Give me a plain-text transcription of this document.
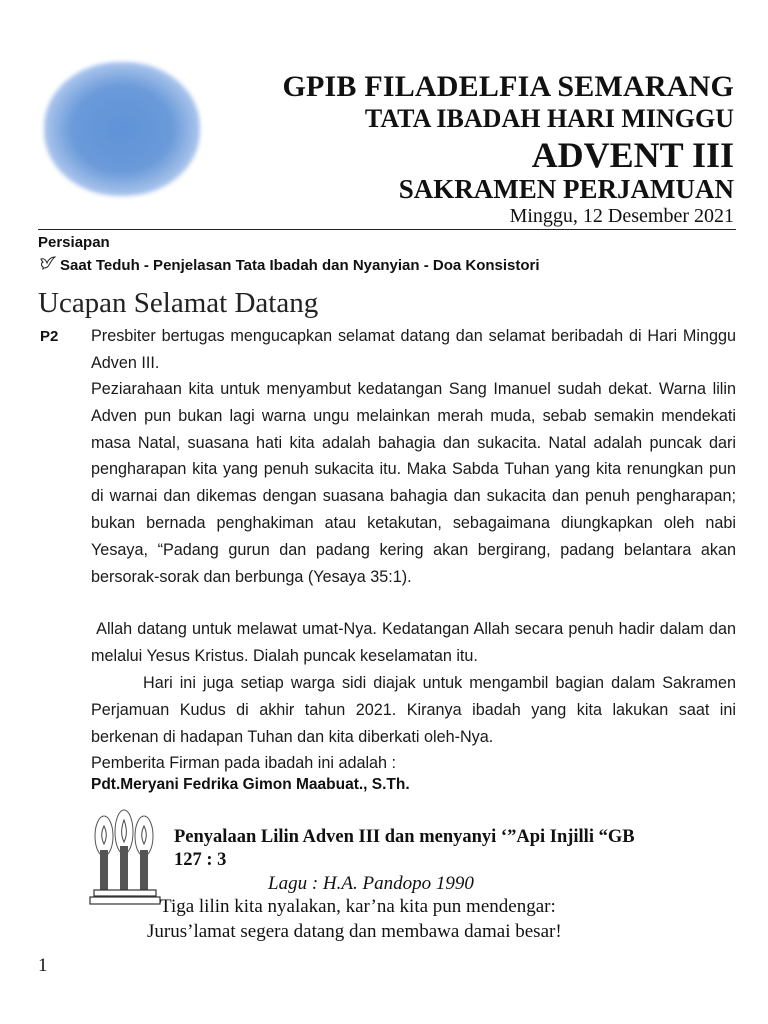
GPIB FILADELFIA SEMARANG
TATA IBADAH HARI MINGGU
ADVENT III
SAKRAMEN PERJAMUAN
Minggu, 12 Desember 2021
Persiapan
Saat Teduh - Penjelasan Tata Ibadah dan Nyanyian - Doa Konsistori
Ucapan Selamat Datang
P2 Presbiter bertugas mengucapkan selamat datang dan selamat beribadah di Hari Minggu Adven III.

Peziarahaan kita untuk menyambut kedatangan Sang Imanuel sudah dekat. Warna lilin Adven pun bukan lagi warna ungu melainkan merah muda, sebab semakin mendekati masa Natal, suasana hati kita adalah bahagia dan sukacita. Natal adalah puncak dari pengharapan kita yang penuh sukacita itu. Maka Sabda Tuhan yang kita renungkan pun di warnai dan dikemas dengan suasana bahagia dan sukacita dan penuh pengharapan; bukan bernada penghakiman atau ketakutan, sebagaimana diungkapkan oleh nabi Yesaya, “Padang gurun dan padang kering akan bergirang, padang belantara akan bersorak-sorak dan berbunga (Yesaya 35:1).

Allah datang untuk melawat umat-Nya. Kedatangan Allah secara penuh hadir dalam dan melalui Yesus Kristus. Dialah puncak keselamatan itu.

Hari ini juga setiap warga sidi diajak untuk mengambil bagian dalam Sakramen Perjamuan Kudus di akhir tahun 2021. Kiranya ibadah yang kita lakukan saat ini berkenan di hadapan Tuhan dan kita diberkati oleh-Nya.

Pemberita Firman pada ibadah ini adalah :

Pdt.Meryani Fedrika Gimon Maabuat., S.Th.
Penyalaan Lilin Adven III dan menyanyi ‘”Api Injilli “GB
127 : 3
Lagu : H.A. Pandopo 1990
Tiga lilin kita nyalakan, kar’na kita pun mendengar:
Jurus’lamat segera datang dan membawa damai besar!
1
